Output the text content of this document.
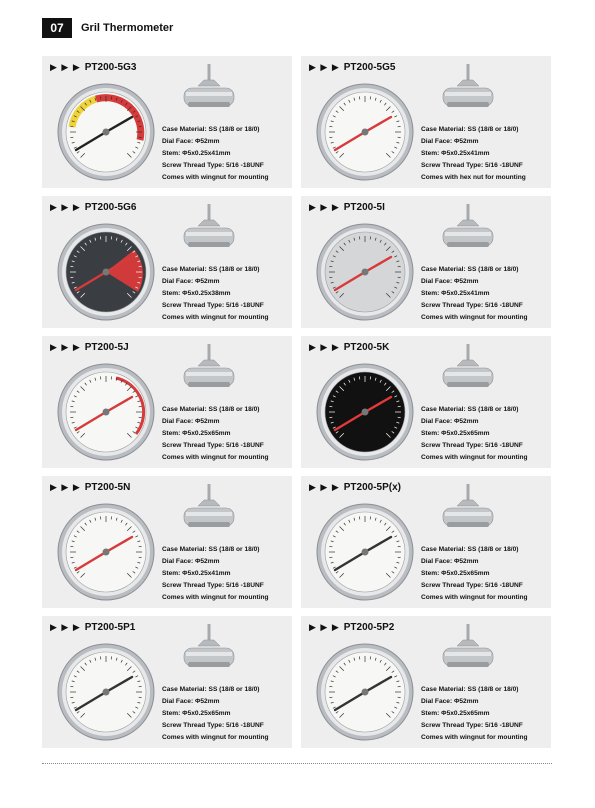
07	Gril Thermometer
▶ ▶ ▶ PT200-5G3
Case Material: SS (18/8 or 18/0)
Dial Face: Φ52mm
Stem: Φ5x0.25x41mm
Screw Thread Type: 5/16 -18UNF
Comes with wingnut for mounting
▶ ▶ ▶ PT200-5G5
Case Material: SS (18/8 or 18/0)
Dial Face: Φ52mm
Stem: Φ5x0.25x41mm
Screw Thread Type: 5/16 -18UNF
Comes with hex nut for mounting
▶ ▶ ▶ PT200-5G6
Case Material: SS (18/8 or 18/0)
Dial Face: Φ52mm
Stem: Φ5x0.25x38mm
Screw Thread Type: 5/16 -18UNF
Comes with wingnut for mounting
▶ ▶ ▶ PT200-5I
Case Material: SS (18/8 or 18/0)
Dial Face: Φ52mm
Stem: Φ5x0.25x41mm
Screw Thread Type: 5/16 -18UNF
Comes with wingnut for mounting
▶ ▶ ▶ PT200-5J
Case Material: SS (18/8 or 18/0)
Dial Face: Φ52mm
Stem: Φ5x0.25x65mm
Screw Thread Type: 5/16 -18UNF
Comes with wingnut for mounting
▶ ▶ ▶ PT200-5K
Case Material: SS (18/8 or 18/0)
Dial Face: Φ52mm
Stem: Φ5x0.25x65mm
Screw Thread Type: 5/16 -18UNF
Comes with wingnut for mounting
▶ ▶ ▶ PT200-5N
Case Material: SS (18/8 or 18/0)
Dial Face: Φ52mm
Stem: Φ5x0.25x41mm
Screw Thread Type: 5/16 -18UNF
Comes with wingnut for mounting
▶ ▶ ▶ PT200-5P(x)
Case Material: SS (18/8 or 18/0)
Dial Face: Φ52mm
Stem: Φ5x0.25x65mm
Screw Thread Type: 5/16 -18UNF
Comes with wingnut for mounting
▶ ▶ ▶ PT200-5P1
Case Material: SS (18/8 or 18/0)
Dial Face: Φ52mm
Stem: Φ5x0.25x65mm
Screw Thread Type: 5/16 -18UNF
Comes with wingnut for mounting
▶ ▶ ▶ PT200-5P2
Case Material: SS (18/8 or 18/0)
Dial Face: Φ52mm
Stem: Φ5x0.25x65mm
Screw Thread Type: 5/16 -18UNF
Comes with wingnut for mounting
